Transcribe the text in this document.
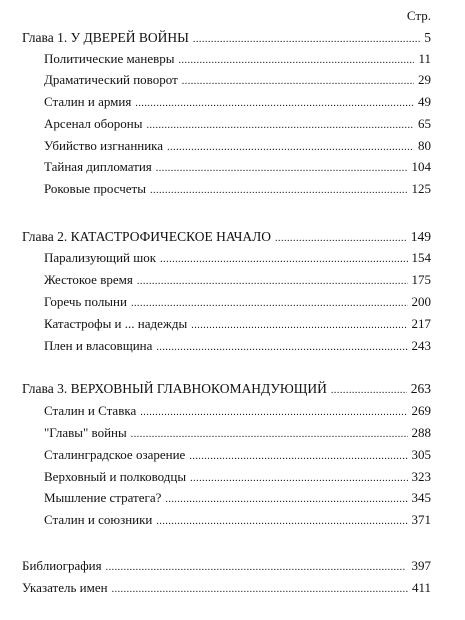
Стр.
Глава 1. У ДВЕРЕЙ ВОЙНЫ . . .	5
Политические маневры . . .	11
Драматический поворот . . .	29
Сталин и армия . . .	49
Арсенал обороны . . .	65
Убийство изгнанника . . .	80
Тайная дипломатия . . .	104
Роковые просчеты . . .	125
Глава 2. КАТАСТРОФИЧЕСКОЕ НАЧАЛО . . .	149
Парализующий шок . . .	154
Жестокое время . . .	175
Горечь полыни . . .	200
Катастрофы и ... надежды . . .	217
Плен и власовщина . . .	243
Глава 3. ВЕРХОВНЫЙ ГЛАВНОКОМАНДУЮЩИЙ . . .	263
Сталин и Ставка . . .	269
"Главы" войны . . .	288
Сталинградское озарение . . .	305
Верховный и полководцы . . .	323
Мышление стратега? . . .	345
Сталин и союзники . . .	371
Библиография . . .	397
Указатель имен . . .	411
